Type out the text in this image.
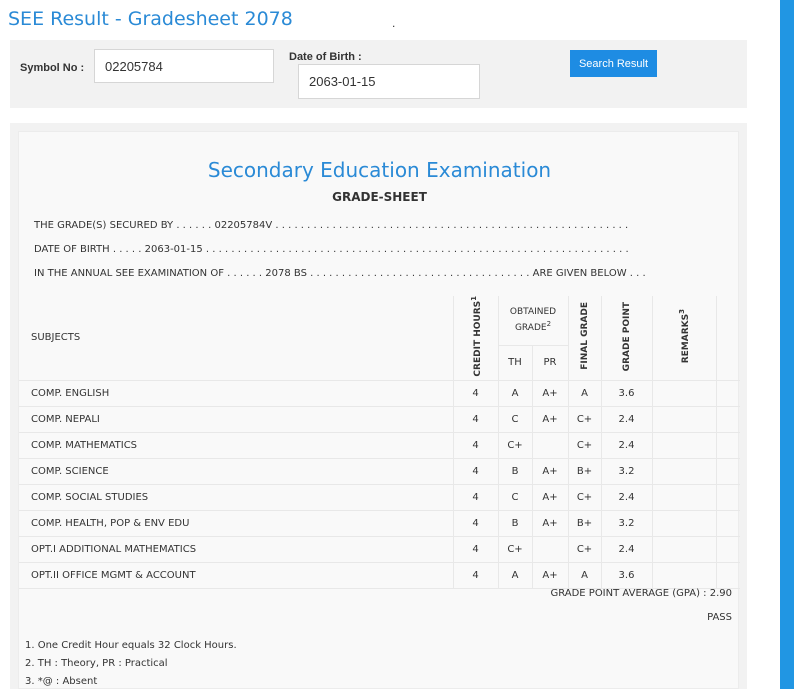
SEE Result - Gradesheet 2078	.
Symbol No :
02205784
Date of Birth :
2063-01-15
Search Result
Secondary Education Examination
GRADE-SHEET
THE GRADE(S) SECURED BY . . . . . . 02205784V . . . . . . . . . . . . . . . . . . . . . . . . . . . . . . . . . . . . . . . . . . . . . . . . . . . . . . . .
DATE OF BIRTH . . . . . 2063-01-15 . . . . . . . . . . . . . . . . . . . . . . . . . . . . . . . . . . . . . . . . . . . . . . . . . . . . . . . . . . . . . . . . . . .
IN THE ANNUAL SEE EXAMINATION OF . . . . . . 2078 BS . . . . . . . . . . . . . . . . . . . . . . . . . . . . . . . . . . . ARE GIVEN BELOW . . .
SUBJECTS	CREDIT HOURS$^1$	OBTAINED GRADE$^2$		FINAL GRADE	GRADE POINT	REMARKS$^3$	
		TH	PR				
COMP. ENGLISH	4	A	A+	A	3.6		
COMP. NEPALI	4	C	A+	C+	2.4		
COMP. MATHEMATICS	4	C+		C+	2.4		
COMP. SCIENCE	4	B	A+	B+	3.2		
COMP. SOCIAL STUDIES	4	C	A+	C+	2.4		
COMP. HEALTH, POP & ENV EDU	4	B	A+	B+	3.2		
OPT.I ADDITIONAL MATHEMATICS	4	C+		C+	2.4		
OPT.II OFFICE MGMT & ACCOUNT	4	A	A+	A	3.6		
GRADE POINT AVERAGE (GPA) : 2.90
PASS
1. One Credit Hour equals 32 Clock Hours.
2. TH : Theory, PR : Practical
3. *@ : Absent
